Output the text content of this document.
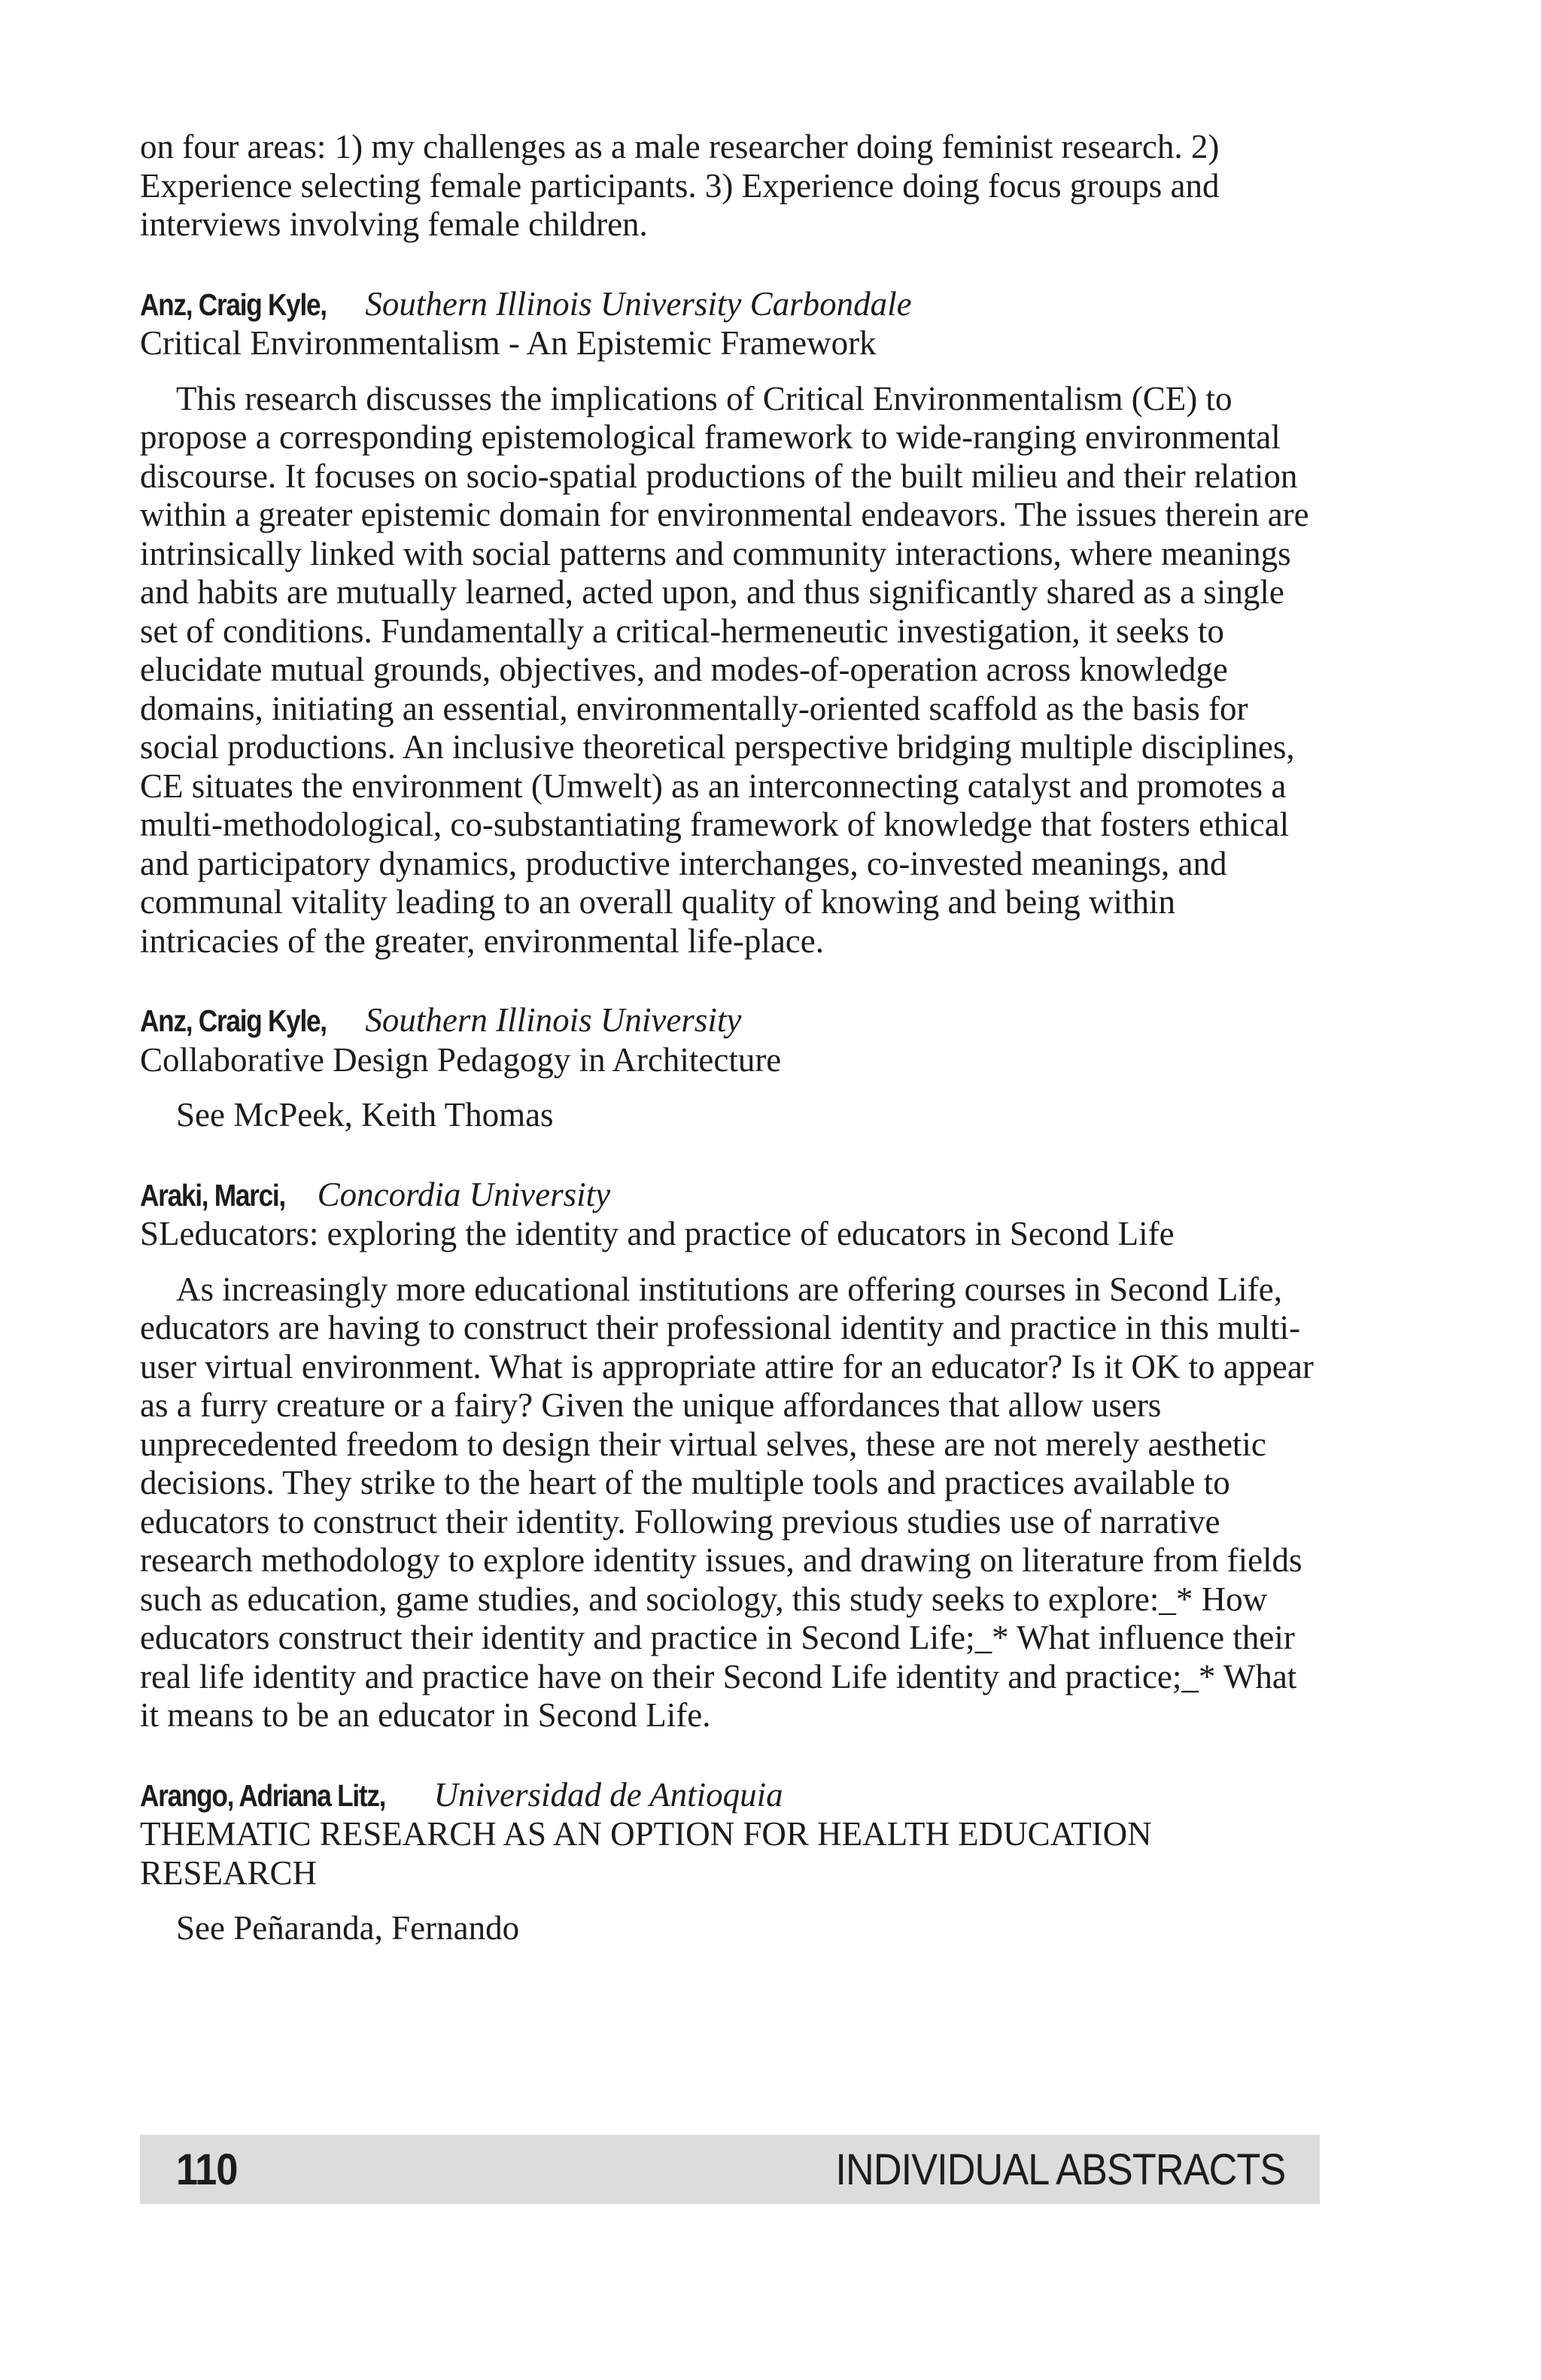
on four areas: 1) my challenges as a male researcher doing feminist research. 2) Experience selecting female participants. 3) Experience doing focus groups and interviews involving female children.

Anz, Craig Kyle, Southern Illinois University Carbondale

Critical Environmentalism - An Epistemic Framework

This research discusses the implications of Critical Environmentalism (CE) to propose a corresponding epistemological framework to wide-ranging environmental discourse. It focuses on socio-spatial productions of the built milieu and their relation within a greater epistemic domain for environmental endeavors. The issues therein are intrinsically linked with social patterns and community interactions, where meanings and habits are mutually learned, acted upon, and thus significantly shared as a single set of conditions. Fundamentally a critical-hermeneutic investigation, it seeks to elucidate mutual grounds, objectives, and modes-of-operation across knowledge domains, initiating an essential, environmentally-oriented scaffold as the basis for social productions. An inclusive theoretical perspective bridging multiple disciplines, CE situates the environment (Umwelt) as an interconnecting catalyst and promotes a multi-methodological, co-substantiating framework of knowledge that fosters ethical and participatory dynamics, productive interchanges, co-invested meanings, and communal vitality leading to an overall quality of knowing and being within intricacies of the greater, environmental life-place.

Anz, Craig Kyle, Southern Illinois University

Collaborative Design Pedagogy in Architecture

See McPeek, Keith Thomas

Araki, Marci, Concordia University

SLeducators: exploring the identity and practice of educators in Second Life

As increasingly more educational institutions are offering courses in Second Life, educators are having to construct their professional identity and practice in this multi-user virtual environment. What is appropriate attire for an educator? Is it OK to appear as a furry creature or a fairy? Given the unique affordances that allow users unprecedented freedom to design their virtual selves, these are not merely aesthetic decisions. They strike to the heart of the multiple tools and practices available to educators to construct their identity. Following previous studies use of narrative research methodology to explore identity issues, and drawing on literature from fields such as education, game studies, and sociology, this study seeks to explore:_* How educators construct their identity and practice in Second Life;_* What influence their real life identity and practice have on their Second Life identity and practice;_* What it means to be an educator in Second Life.

Arango, Adriana Litz, Universidad de Antioquia

THEMATIC RESEARCH AS AN OPTION FOR HEALTH EDUCATION RESEARCH

See Peñaranda, Fernando

110	INDIVIDUAL ABSTRACTS
